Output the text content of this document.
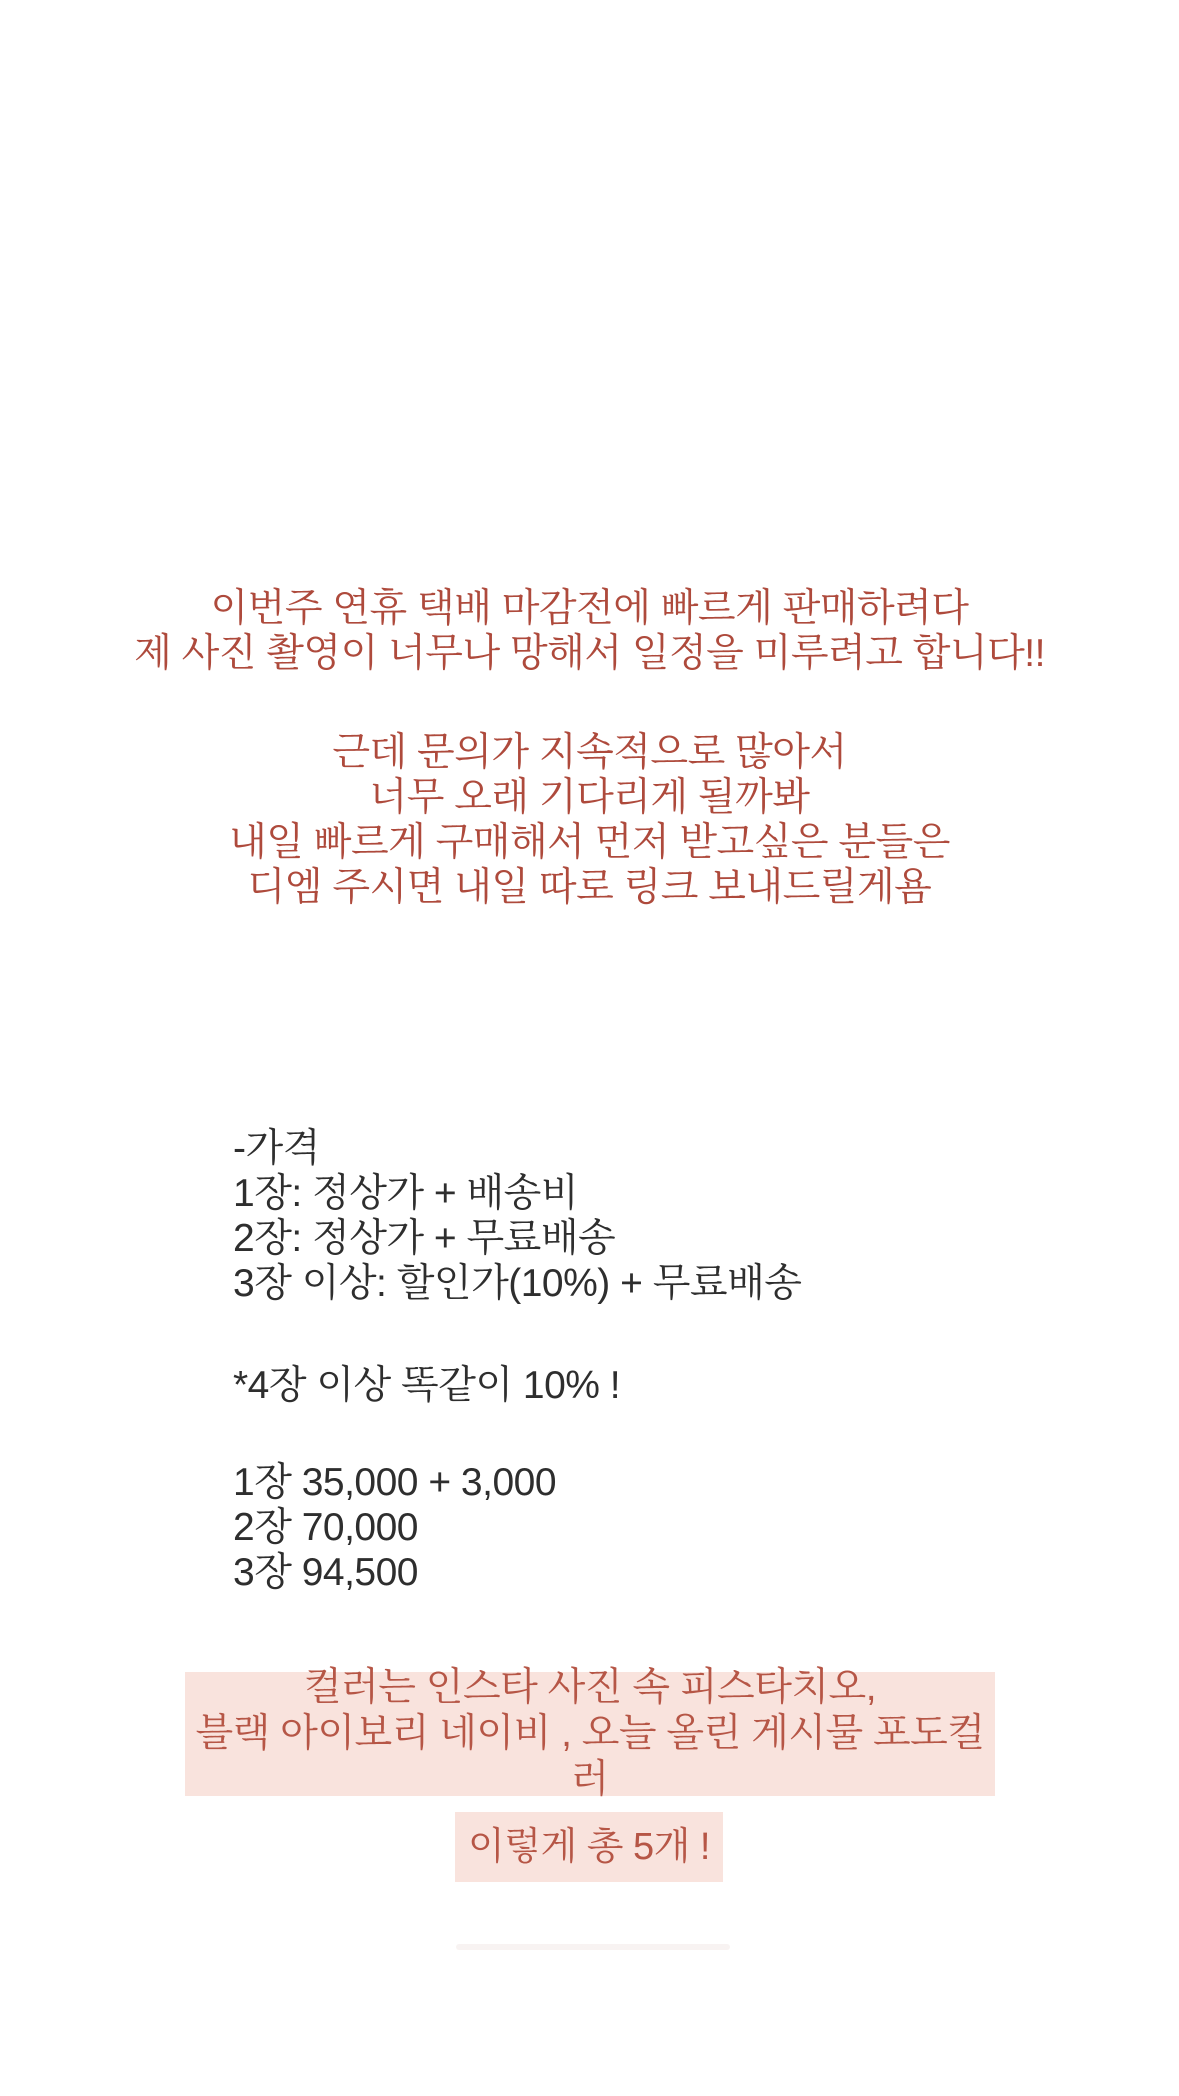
이번주 연휴 택배 마감전에 빠르게 판매하려다
제 사진 촬영이 너무나 망해서 일정을 미루려고 합니다!!
근데 문의가 지속적으로 많아서
너무 오래 기다리게 될까봐
내일 빠르게 구매해서 먼저 받고싶은 분들은
디엠 주시면 내일 따로 링크 보내드릴게욤
-가격
1장: 정상가 + 배송비
2장: 정상가 + 무료배송
3장 이상: 할인가(10%) + 무료배송
*4장 이상 똑같이 10% !
1장 35,000 + 3,000
2장 70,000
3장 94,500
컬러는 인스타 사진 속 피스타치오,
블랙 아이보리 네이비 , 오늘 올린 게시물 포도컬러
이렇게 총 5개 !
